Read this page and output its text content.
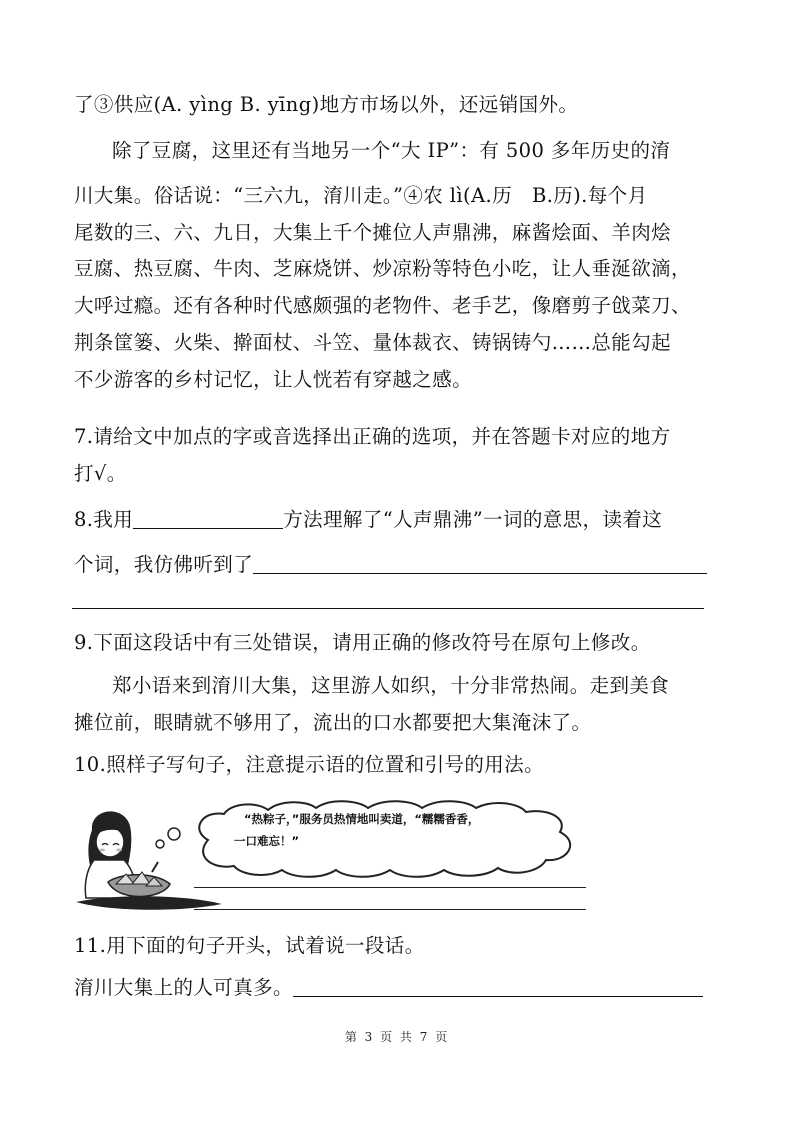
了③供应(A. yìng B. yīng)地方市场以外，还远销国外。
除了豆腐，这里还有当地另一个“大 IP”：有 500 多年历史的淯
川大集。俗话说：“三六九，淯川走。”④农 lì(A.历　B.历).每个月
尾数的三、六、九日，大集上千个摊位人声鼎沸，麻酱烩面、羊肉烩
豆腐、热豆腐、牛肉、芝麻烧饼、炒凉粉等特色小吃，让人垂涎欲滴，
大呼过瘾。还有各种时代感颇强的老物件、老手艺，像磨剪子戗菜刀、
荆条筐篓、火柴、擀面杖、斗笠、量体裁衣、铸锅铸勺……总能勾起
不少游客的乡村记忆，让人恍若有穿越之感。
7.请给文中加点的字或音选择出正确的选项，并在答题卡对应的地方
打√。
8.我用	方法理解了“人声鼎沸”一词的意思，读着这
个词，我仿佛听到了
9.下面这段话中有三处错误，请用正确的修改符号在原句上修改。
郑小语来到淯川大集，这里游人如织，十分非常热闹。走到美食
摊位前，眼睛就不够用了，流出的口水都要把大集淹沫了。
10.照样子写句子，注意提示语的位置和引号的用法。
“热粽子，”服务员热情地叫卖道，“糯糯香香，
一口难忘！”
11.用下面的句子开头，试着说一段话。
淯川大集上的人可真多。
第 3 页 共 7 页
